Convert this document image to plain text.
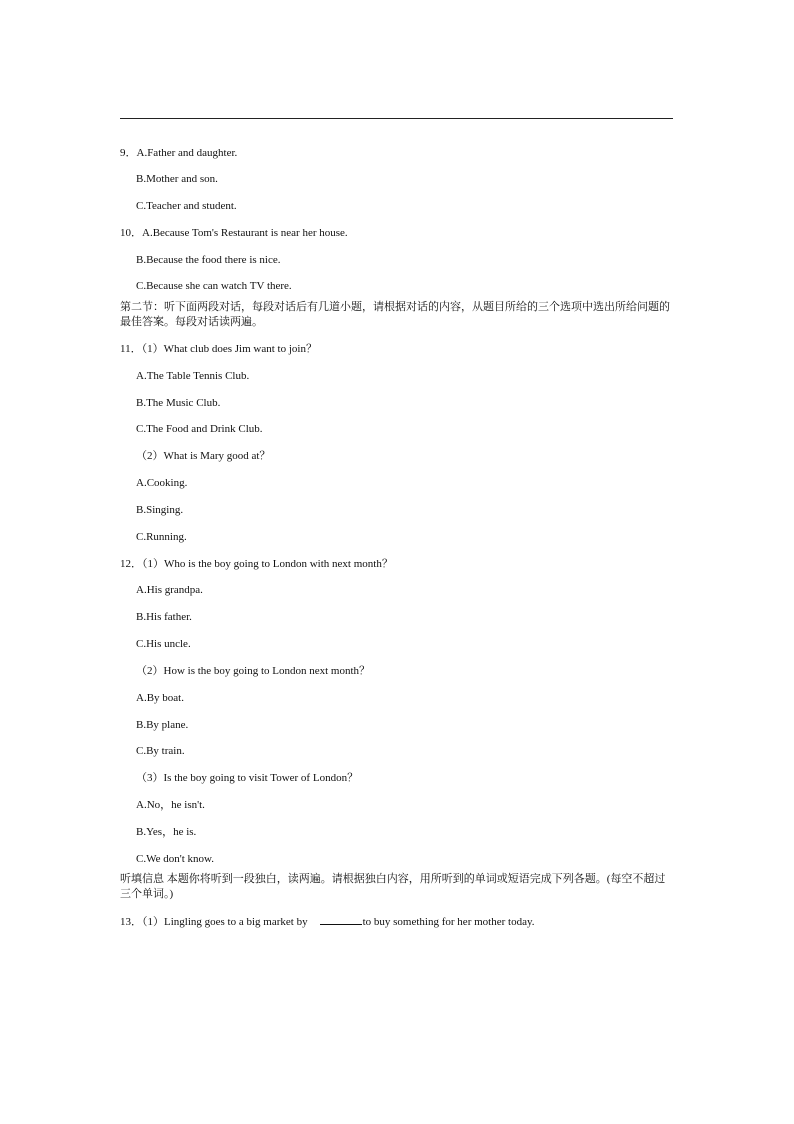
9．A.Father and daughter.
B.Mother and son.
C.Teacher and student.
10．A.Because Tom's Restaurant is near her house.
B.Because the food there is nice.
C.Because she can watch TV there.
第二节：听下面两段对话，每段对话后有几道小题，请根据对话的内容，从题目所给的三个选项中选出所给问题的最佳答案。每段对话读两遍。
11．（1）What club does Jim want to join？
A.The Table Tennis Club.
B.The Music Club.
C.The Food and Drink Club.
（2）What is Mary good at？
A.Cooking.
B.Singing.
C.Running.
12．（1）Who is the boy going to London with next month？
A.His grandpa.
B.His father.
C.His uncle.
（2）How is the boy going to London next month？
A.By boat.
B.By plane.
C.By train.
（3）Is the boy going to visit Tower of London？
A.No，he isn't.
B.Yes，he is.
C.We don't know.
听填信息 本题你将听到一段独白，读两遍。请根据独白内容，用所听到的单词或短语完成下列各题。(每空不超过三个单词。)
13．（1）Lingling goes to a big market by	to buy something for her mother today.
